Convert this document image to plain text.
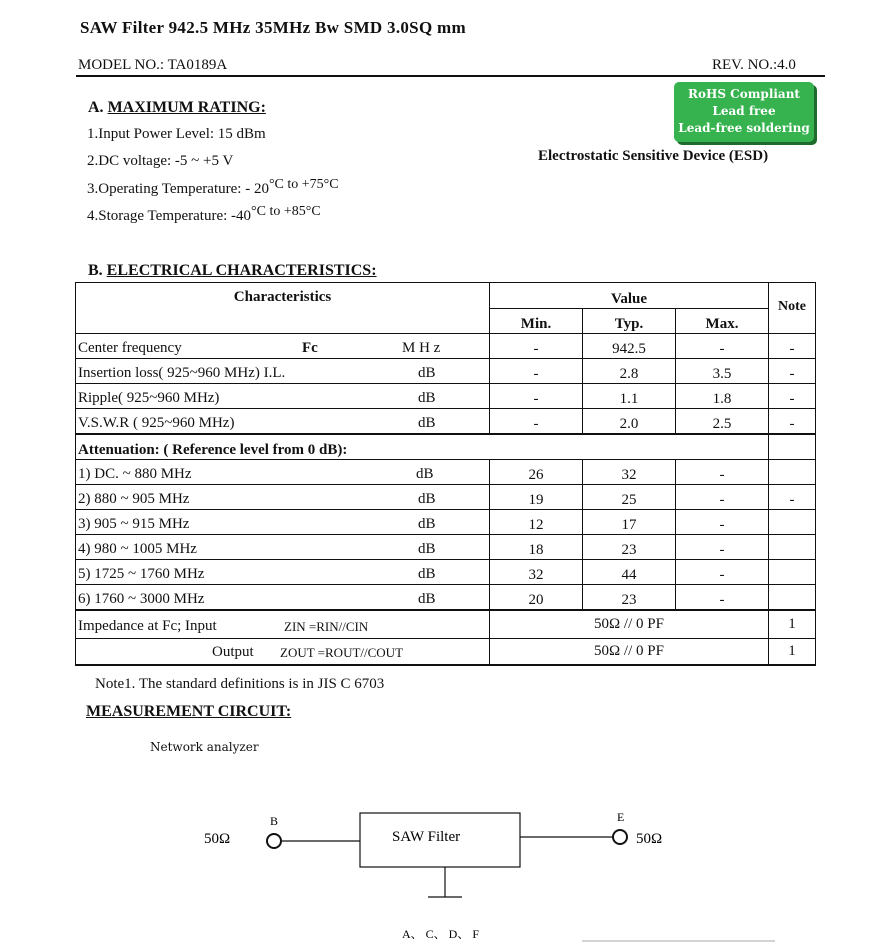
SAW Filter 942.5 MHz 35MHz Bw SMD 3.0SQ mm
MODEL NO.: TA0189A	REV. NO.:4.0
RoHS Compliant
Lead free
Lead-free soldering
Electrostatic Sensitive Device (ESD)
A. MAXIMUM RATING:
1.Input Power Level: 15 dBm
2.DC voltage: -5 ~ +5 V
3.Operating Temperature: - 20°C to +75°C
4.Storage Temperature: -40°C to +85°C
B. ELECTRICAL CHARACTERISTICS:
Characteristics	Value			Note
	Min.	Typ.	Max.	

Center frequency Fc M H z	-	942.5	-	-

Insertion loss( 925~960 MHz) I.L. dB	-	2.8	3.5	-

Ripple( 925~960 MHz) dB	-	1.1	1.8	-

V.S.W.R ( 925~960 MHz) dB	-	2.0	2.5	-
Attenuation: ( Reference level from 0 dB):				

1) DC. ~ 880 MHz dB	26	32	-	

2) 880 ~ 905 MHz dB	19	25	-	-

3) 905 ~ 915 MHz dB	12	17	-	

4) 980 ~ 1005 MHz dB	18	23	-	

5) 1725 ~ 1760 MHz dB	32	44	-	

6) 1760 ~ 3000 MHz dB	20	23	-	

Impedance at Fc; Input ZIN =RIN//CIN	50Ω // 0 PF			1

Output ZOUT =ROUT//COUT	50Ω // 0 PF			1
Note1. The standard definitions is in JIS C 6703
MEASUREMENT CIRCUIT:
Network analyzer
50Ω
B
SAW Filter
E
50Ω
A、 C、 D、 F
